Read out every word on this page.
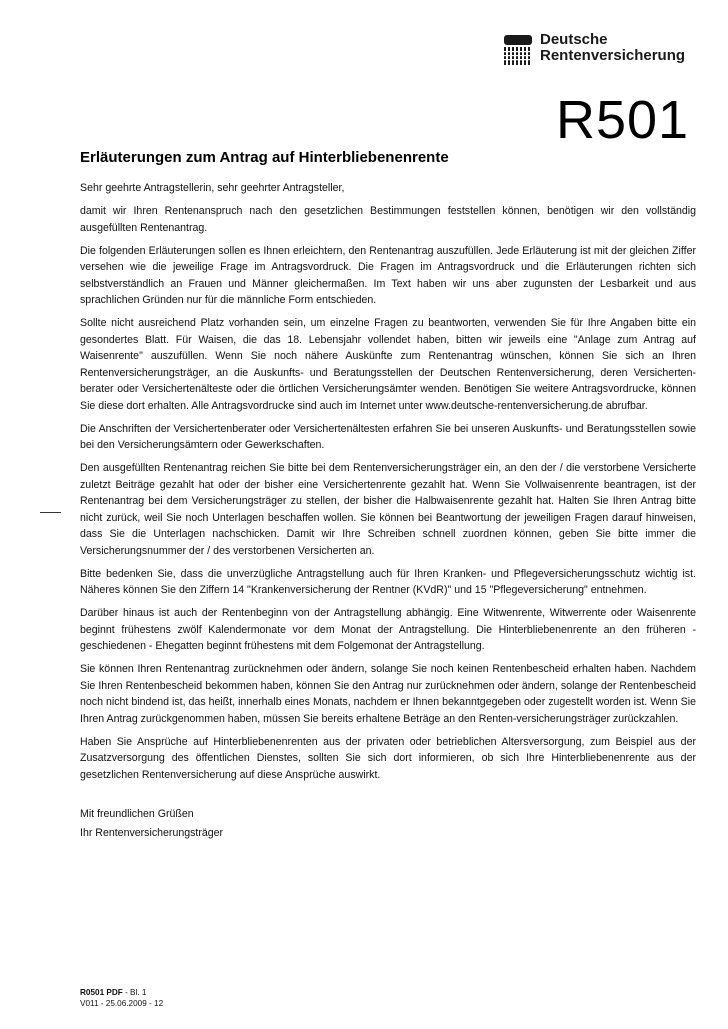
Deutsche
Rentenversicherung
R501
Erläuterungen zum Antrag auf Hinterbliebenenrente

Sehr geehrte Antragstellerin, sehr geehrter Antragsteller,

damit wir Ihren Rentenanspruch nach den gesetzlichen Bestimmungen feststellen können, benötigen wir den vollständig ausgefüllten Rentenantrag.

Die folgenden Erläuterungen sollen es Ihnen erleichtern, den Rentenantrag auszufüllen. Jede Erläuterung ist mit der gleichen Ziffer versehen wie die jeweilige Frage im Antragsvordruck. Die Fragen im Antragsvordruck und die Erläuterungen richten sich selbstverständlich an Frauen und Männer gleichermaßen. Im Text haben wir uns aber zugunsten der Lesbarkeit und aus sprachlichen Gründen nur für die männliche Form entschieden.

Sollte nicht ausreichend Platz vorhanden sein, um einzelne Fragen zu beantworten, verwenden Sie für Ihre Angaben bitte ein gesondertes Blatt. Für Waisen, die das 18. Lebensjahr vollendet haben, bitten wir jeweils eine "Anlage zum Antrag auf Waisenrente" auszufüllen. Wenn Sie noch nähere Auskünfte zum Rentenantrag wünschen, können Sie sich an Ihren Rentenversicherungsträger, an die Auskunfts- und Beratungsstellen der Deutschen Rentenversicherung, deren Versicherten-berater oder Versichertenälteste oder die örtlichen Versicherungsämter wenden. Benötigen Sie weitere Antragsvordrucke, können Sie diese dort erhalten. Alle Antragsvordrucke sind auch im Internet unter www.deutsche-rentenversicherung.de abrufbar.

Die Anschriften der Versichertenberater oder Versichertenältesten erfahren Sie bei unseren Auskunfts- und Beratungsstellen sowie bei den Versicherungsämtern oder Gewerkschaften.

Den ausgefüllten Rentenantrag reichen Sie bitte bei dem Rentenversicherungsträger ein, an den der / die verstorbene Versicherte zuletzt Beiträge gezahlt hat oder der bisher eine Versichertenrente gezahlt hat. Wenn Sie Vollwaisenrente beantragen, ist der Rentenantrag bei dem Versicherungsträger zu stellen, der bisher die Halbwaisenrente gezahlt hat. Halten Sie Ihren Antrag bitte nicht zurück, weil Sie noch Unterlagen beschaffen wollen. Sie können bei Beantwortung der jeweiligen Fragen darauf hinweisen, dass Sie die Unterlagen nachschicken. Damit wir Ihre Schreiben schnell zuordnen können, geben Sie bitte immer die Versicherungsnummer der / des verstorbenen Versicherten an.

Bitte bedenken Sie, dass die unverzügliche Antragstellung auch für Ihren Kranken- und Pflegeversicherungsschutz wichtig ist. Näheres können Sie den Ziffern 14 "Krankenversicherung der Rentner (KVdR)" und 15 "Pflegeversicherung" entnehmen.

Darüber hinaus ist auch der Rentenbeginn von der Antragstellung abhängig. Eine Witwenrente, Witwerrente oder Waisenrente beginnt frühestens zwölf Kalendermonate vor dem Monat der Antragstellung. Die Hinterbliebenenrente an den früheren - geschiedenen - Ehegatten beginnt frühestens mit dem Folgemonat der Antragstellung.

Sie können Ihren Rentenantrag zurücknehmen oder ändern, solange Sie noch keinen Rentenbescheid erhalten haben. Nachdem Sie Ihren Rentenbescheid bekommen haben, können Sie den Antrag nur zurücknehmen oder ändern, solange der Rentenbescheid noch nicht bindend ist, das heißt, innerhalb eines Monats, nachdem er Ihnen bekanntgegeben oder zugestellt worden ist. Wenn Sie Ihren Antrag zurückgenommen haben, müssen Sie bereits erhaltene Beträge an den Renten-versicherungsträger zurückzahlen.

Haben Sie Ansprüche auf Hinterbliebenenrenten aus der privaten oder betrieblichen Altersversorgung, zum Beispiel aus der Zusatzversorgung des öffentlichen Dienstes, sollten Sie sich dort informieren, ob sich Ihre Hinterbliebenenrente aus der gesetzlichen Rentenversicherung auf diese Ansprüche auswirkt.

Mit freundlichen Grüßen
Ihr Rentenversicherungsträger
R0501 PDF - Bl. 1
V011 - 25.06.2009 - 12
